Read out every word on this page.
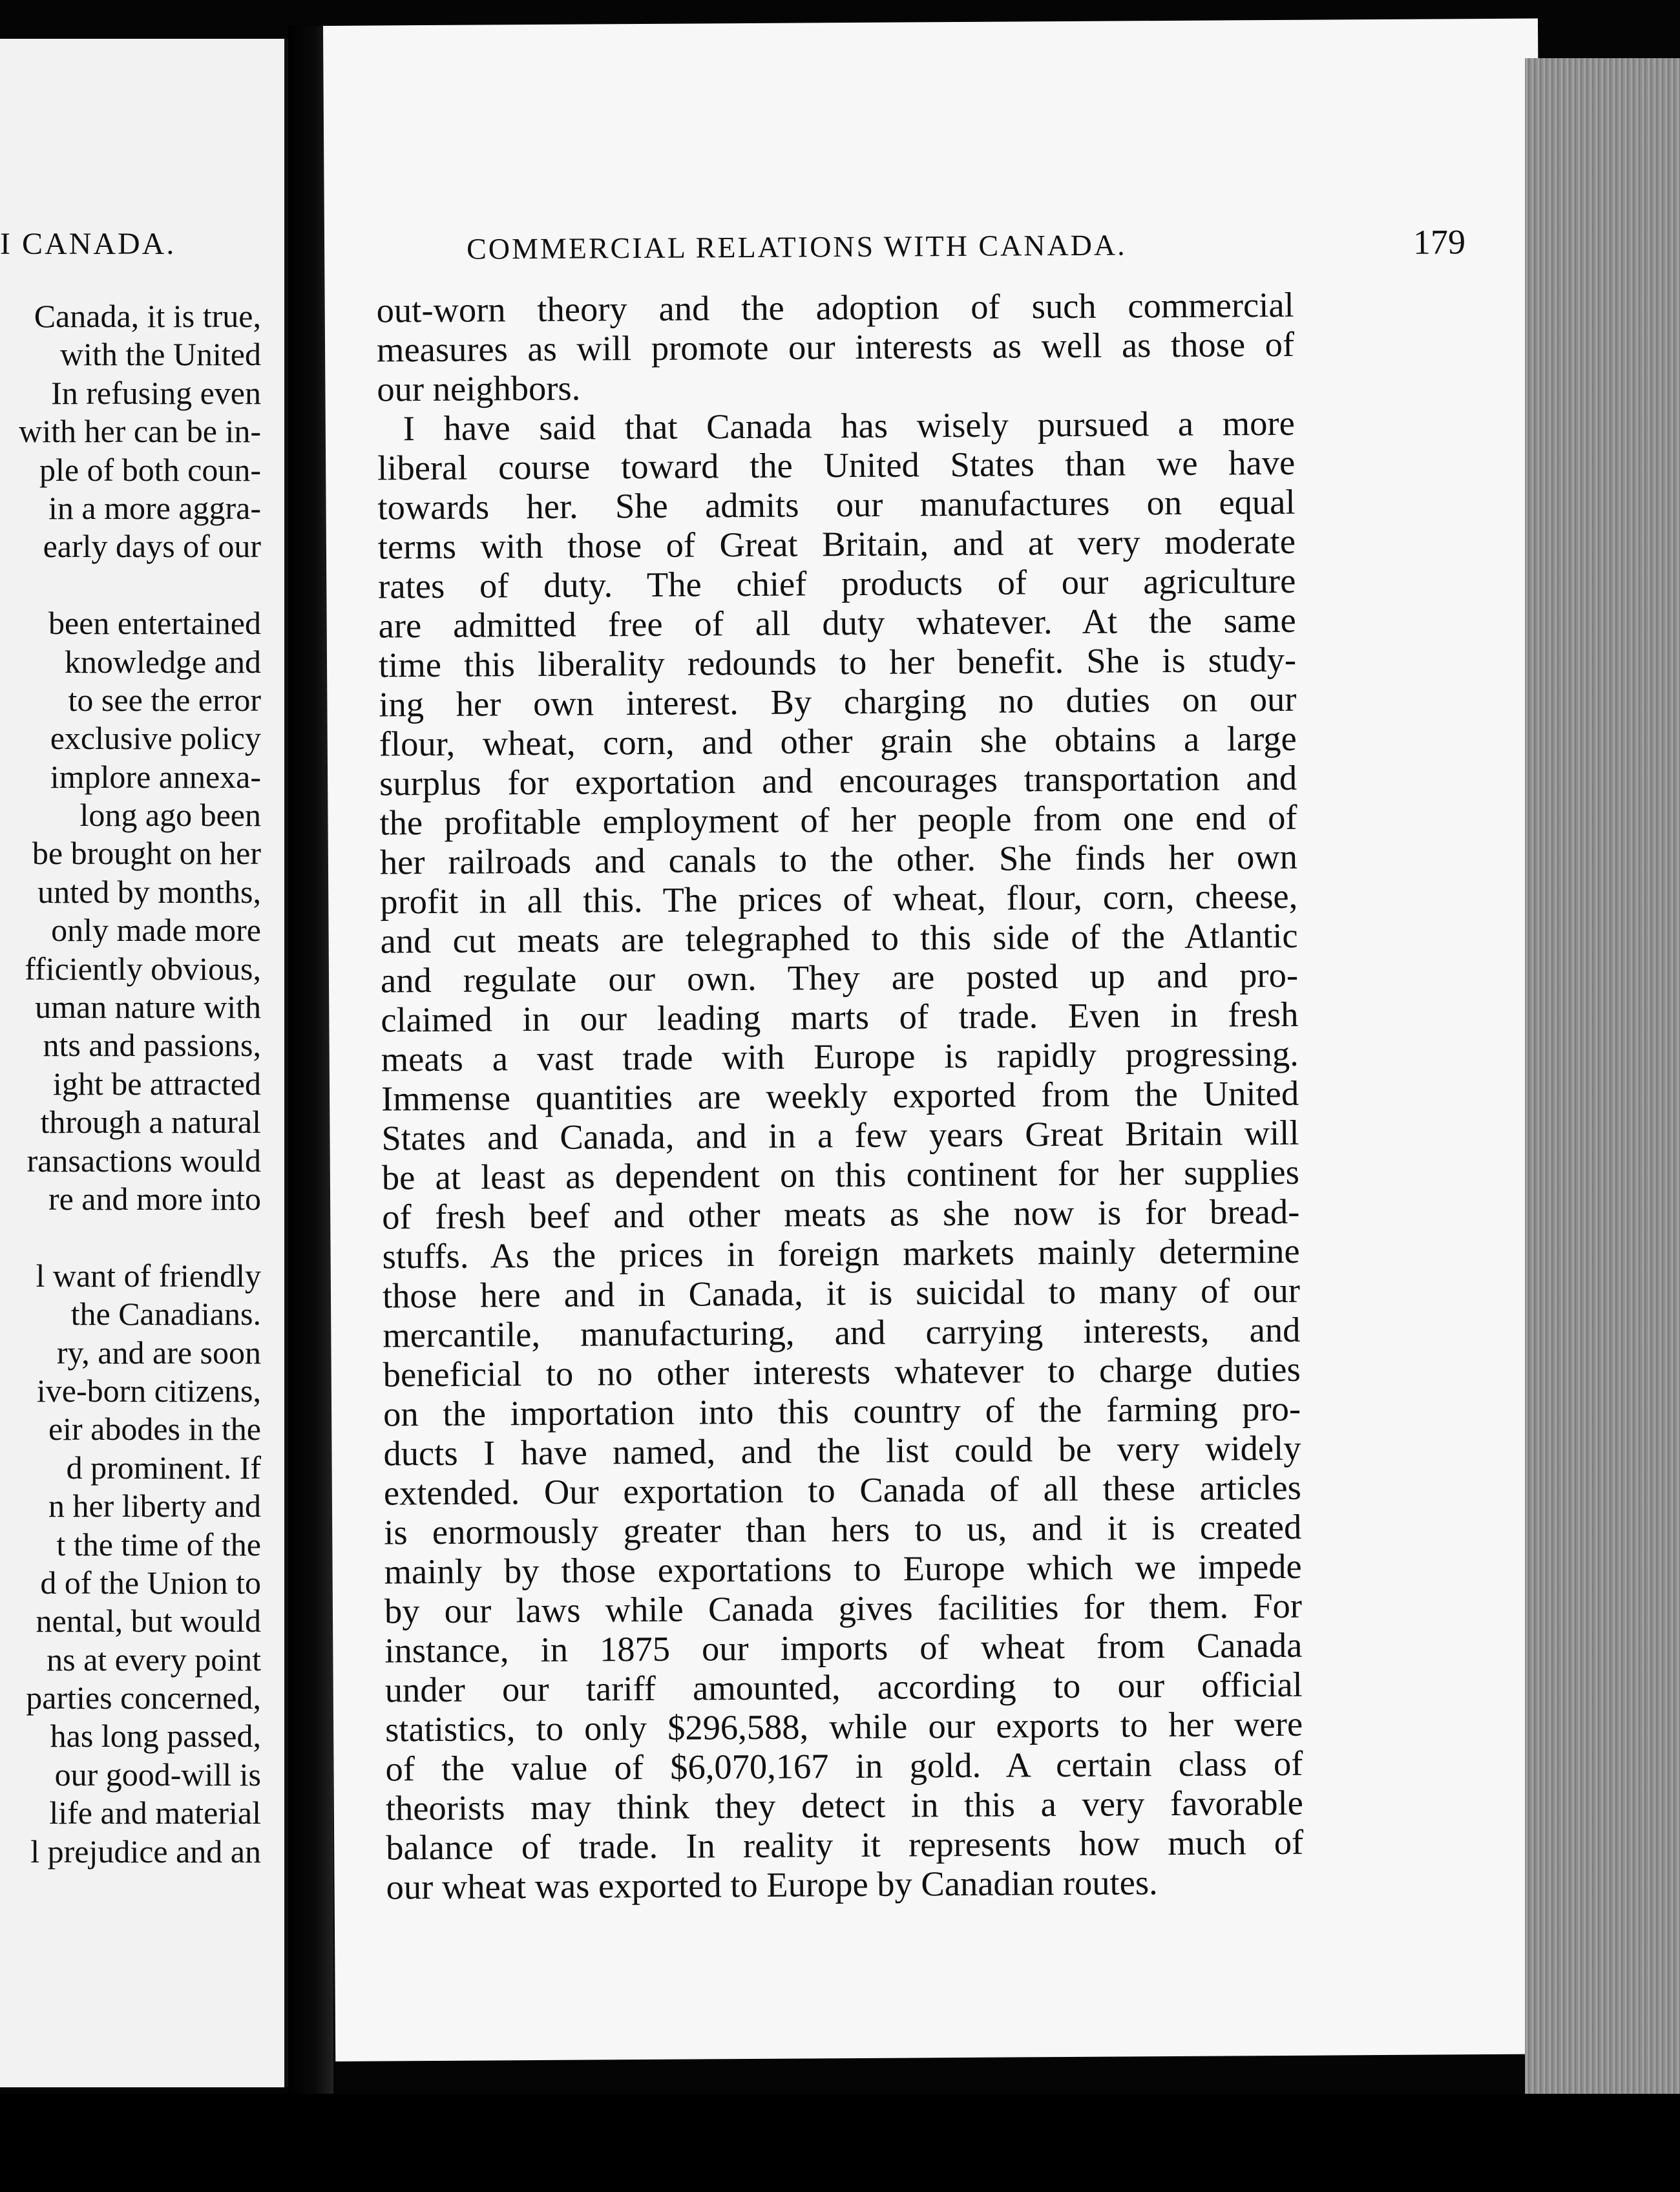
I CANADA.
Canada, it is true,
with the United
In refusing even
with her can be in-
ple of both coun-
in a more aggra-
early days of our
been entertained
knowledge and
to see the error
exclusive policy
implore annexa-
long ago been
be brought on her
unted by months,
only made more
fficiently obvious,
uman nature with
nts and passions,
ight be attracted
through a natural
ransactions would
re and more into
l want of friendly
the Canadians.
ry, and are soon
ive-born citizens,
eir abodes in the
d prominent. If
n her liberty and
t the time of the
d of the Union to
nental, but would
ns at every point
parties concerned,
has long passed,
our good-will is
life and material
l prejudice and an
COMMERCIAL RELATIONS WITH CANADA.	179
out-worn theory and the adoption of such commercial
measures as will promote our interests as well as those of
our neighbors.
I have said that Canada has wisely pursued a more
liberal course toward the United States than we have
towards her. She admits our manufactures on equal
terms with those of Great Britain, and at very moderate
rates of duty. The chief products of our agriculture
are admitted free of all duty whatever. At the same
time this liberality redounds to her benefit. She is study-
ing her own interest. By charging no duties on our
flour, wheat, corn, and other grain she obtains a large
surplus for exportation and encourages transportation and
the profitable employment of her people from one end of
her railroads and canals to the other. She finds her own
profit in all this. The prices of wheat, flour, corn, cheese,
and cut meats are telegraphed to this side of the Atlantic
and regulate our own. They are posted up and pro-
claimed in our leading marts of trade. Even in fresh
meats a vast trade with Europe is rapidly progressing.
Immense quantities are weekly exported from the United
States and Canada, and in a few years Great Britain will
be at least as dependent on this continent for her supplies
of fresh beef and other meats as she now is for bread-
stuffs. As the prices in foreign markets mainly determine
those here and in Canada, it is suicidal to many of our
mercantile, manufacturing, and carrying interests, and
beneficial to no other interests whatever to charge duties
on the importation into this country of the farming pro-
ducts I have named, and the list could be very widely
extended. Our exportation to Canada of all these articles
is enormously greater than hers to us, and it is created
mainly by those exportations to Europe which we impede
by our laws while Canada gives facilities for them. For
instance, in 1875 our imports of wheat from Canada
under our tariff amounted, according to our official
statistics, to only $296,588, while our exports to her were
of the value of $6,070,167 in gold. A certain class of
theorists may think they detect in this a very favorable
balance of trade. In reality it represents how much of
our wheat was exported to Europe by Canadian routes.
